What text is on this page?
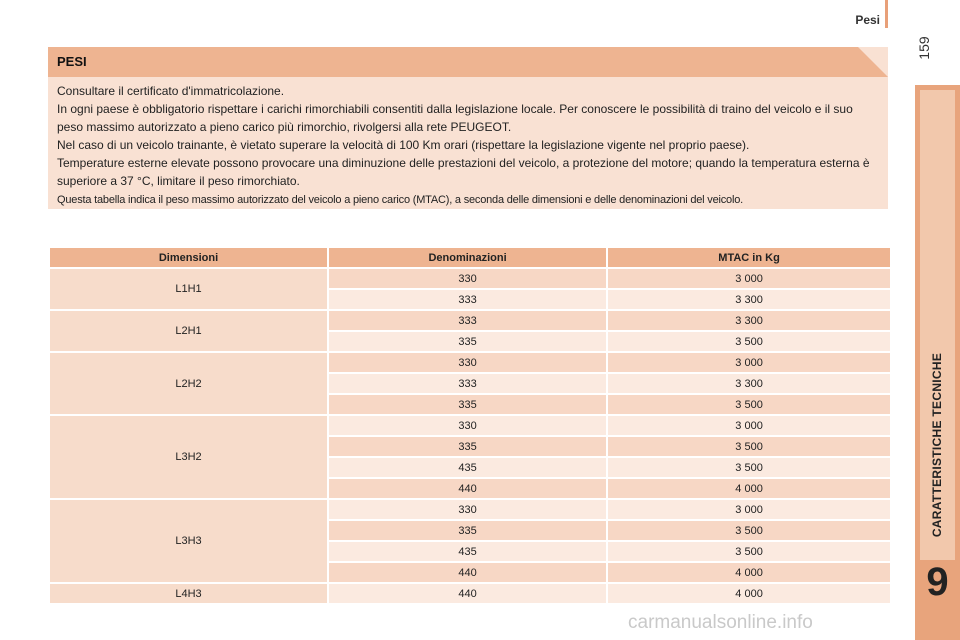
Pesi
159
CARATTERISTICHE TECNICHE
9
PESI
Consultare il certificato d'immatricolazione.
In ogni paese è obbligatorio rispettare i carichi rimorchiabili consentiti dalla legislazione locale. Per conoscere le possibilità di traino del veicolo e il suo peso massimo autorizzato a pieno carico più rimorchio, rivolgersi alla rete PEUGEOT.
Nel caso di un veicolo trainante, è vietato superare la velocità di 100 Km orari (rispettare la legislazione vigente nel proprio paese).
Temperature esterne elevate possono provocare una diminuzione delle prestazioni del veicolo, a protezione del motore; quando la temperatura esterna è superiore a 37 °C, limitare il peso rimorchiato.
Questa tabella indica il peso massimo autorizzato del veicolo a pieno carico (MTAC), a seconda delle dimensioni e delle denominazioni del veicolo.
Dimensioni	Denominazioni	MTAC in Kg
L1H1	330	3 000
	333	3 300
L2H1	333	3 300
	335	3 500
L2H2	330	3 000
	333	3 300
	335	3 500
L3H2	330	3 000
	335	3 500
	435	3 500
	440	4 000
L3H3	330	3 000
	335	3 500
	435	3 500
	440	4 000
L4H3	440	4 000
carmanualsonline.info
